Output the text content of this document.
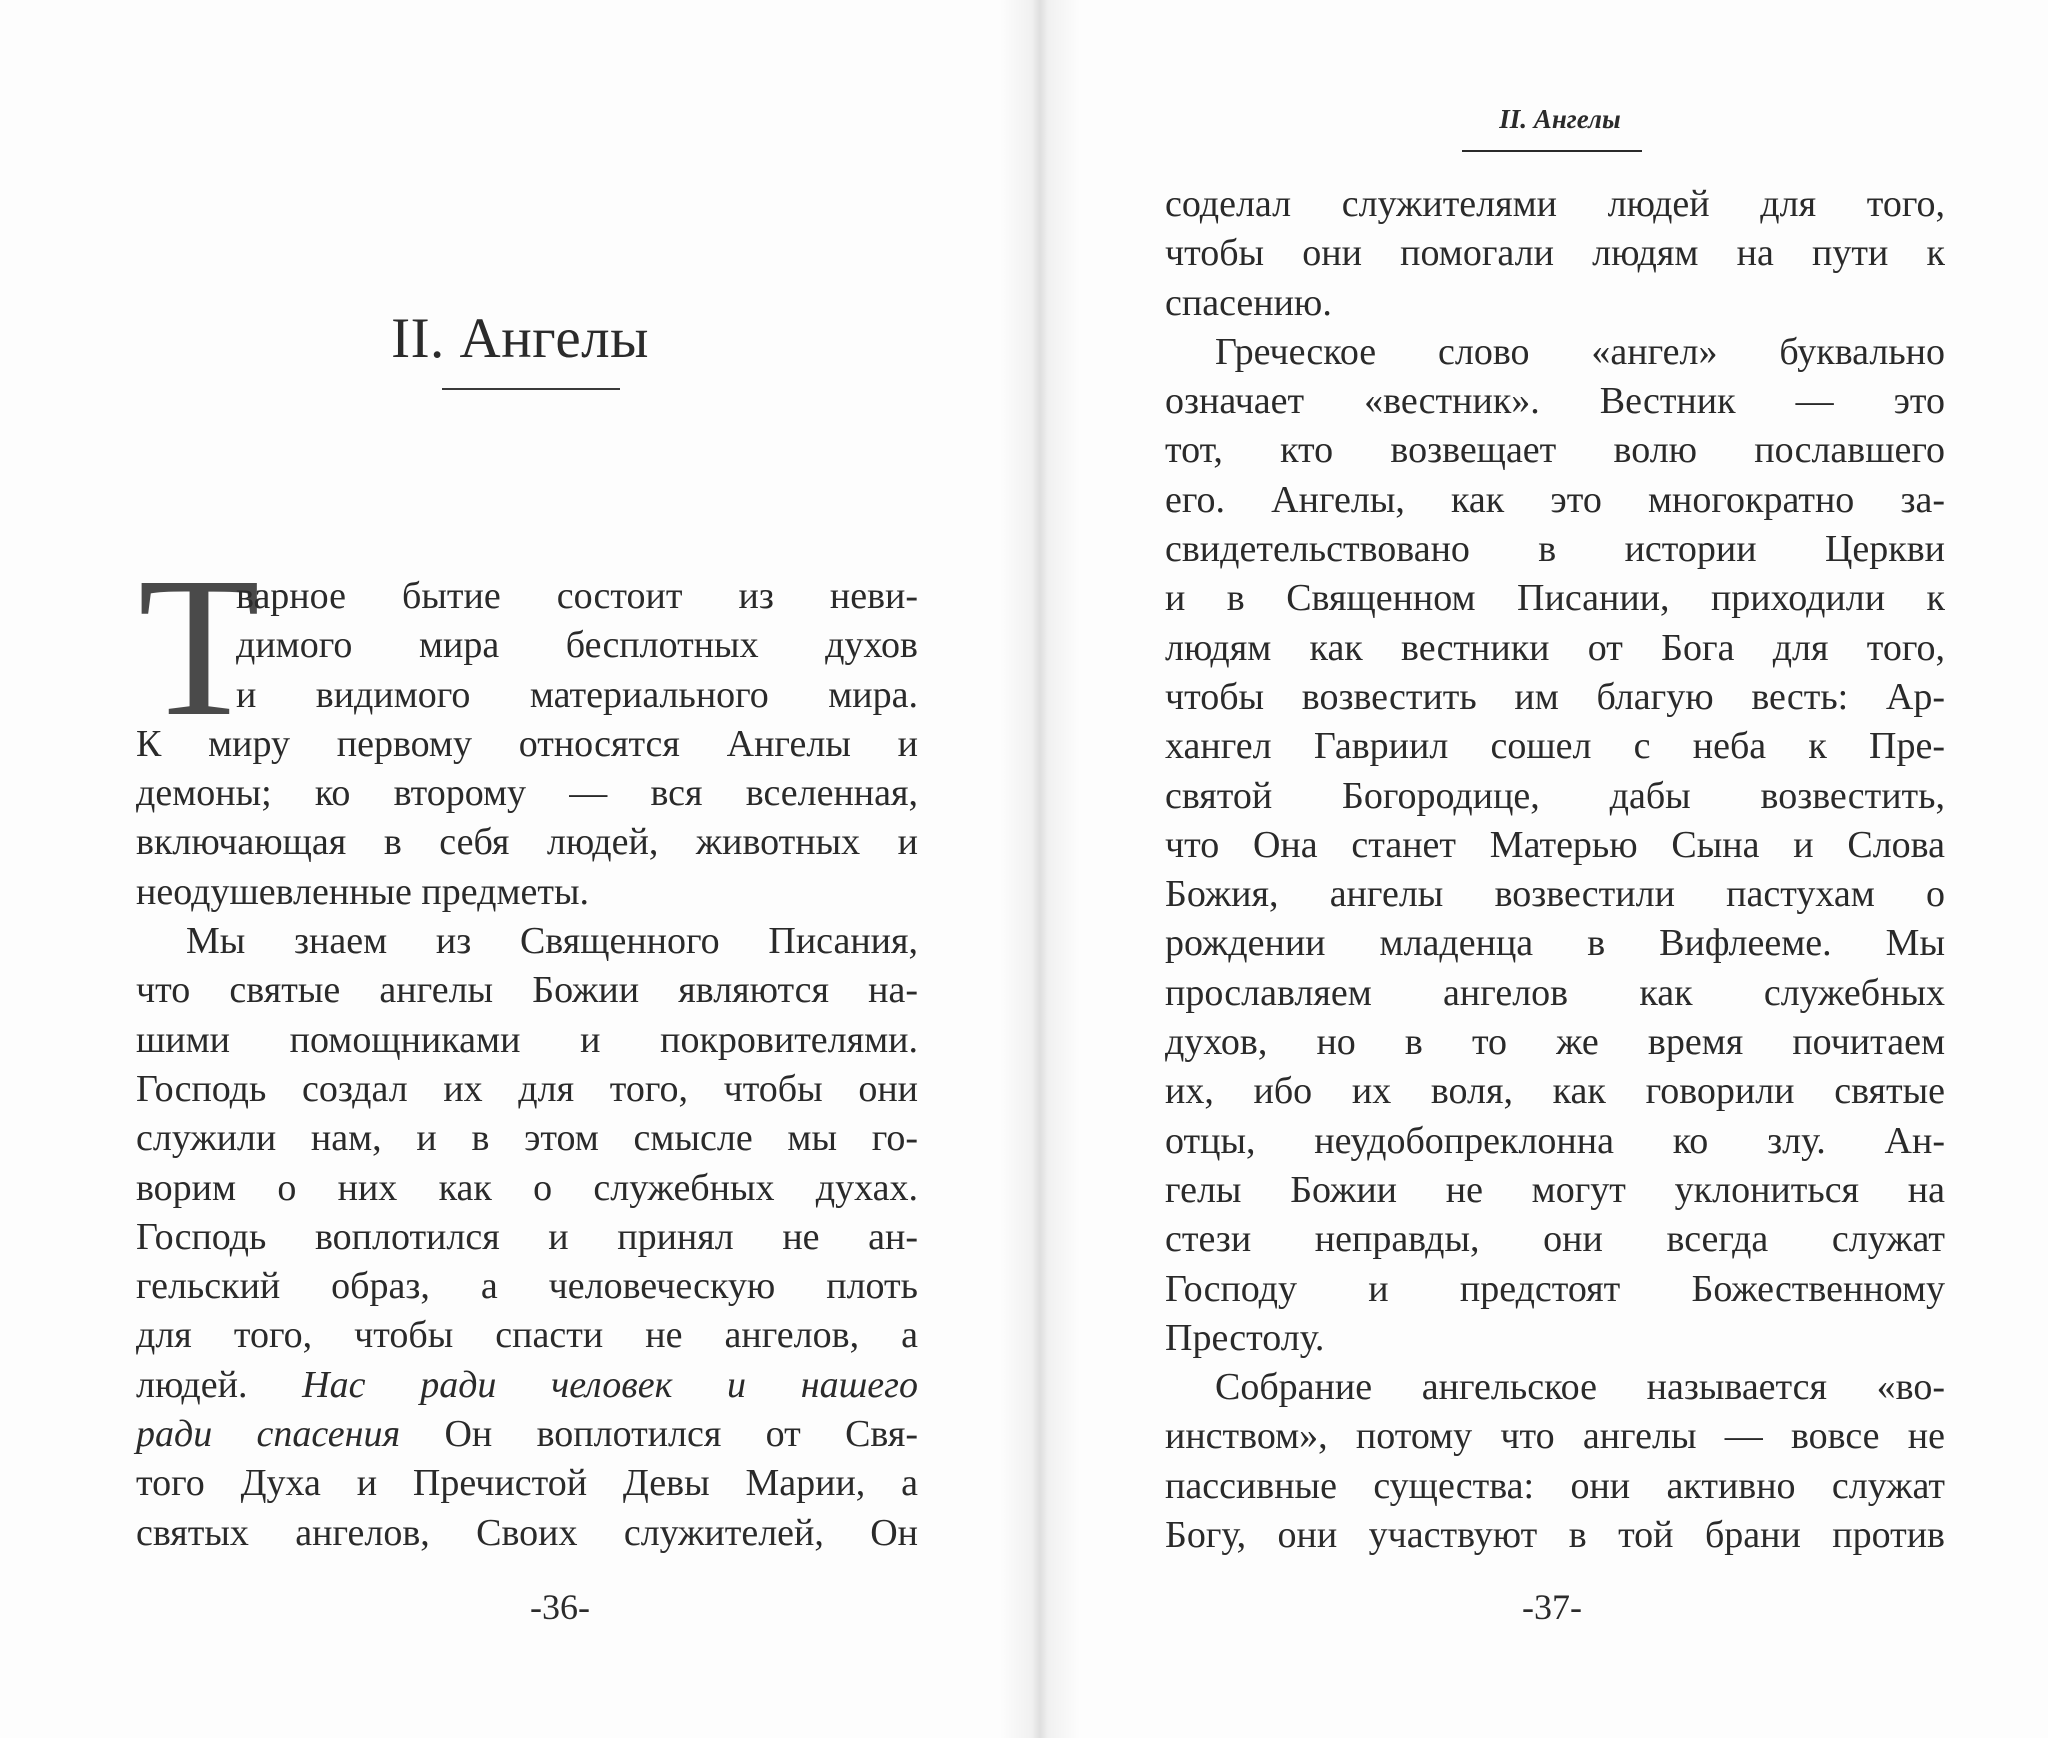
II. Ангелы
Т
варное бытие состоит из неви-
димого мира бесплотных духов
и видимого материального мира.
К миру первому относятся Ангелы и
демоны; ко второму — вся вселенная,
включающая в себя людей, животных и
неодушевленные предметы.
Мы знаем из Священного Писания,
что святые ангелы Божии являются на-
шими помощниками и покровителями.
Господь создал их для того, чтобы они
служили нам, и в этом смысле мы го-
ворим о них как о служебных духах.
Господь воплотился и принял не ан-
гельский образ, а человеческую плоть
для того, чтобы спасти не ангелов, а
людей. Нас ради человек и нашего
ради спасения Он воплотился от Свя-
того Духа и Пречистой Девы Марии, а
святых ангелов, Своих служителей, Он
-36-
II. Ангелы
соделал служителями людей для того,
чтобы они помогали людям на пути к
спасению.
Греческое слово «ангел» буквально
означает «вестник». Вестник — это
тот, кто возвещает волю пославшего
его. Ангелы, как это многократно за-
свидетельствовано в истории Церкви
и в Священном Писании, приходили к
людям как вестники от Бога для того,
чтобы возвестить им благую весть: Ар-
хангел Гавриил сошел с неба к Пре-
святой Богородице, дабы возвестить,
что Она станет Матерью Сына и Слова
Божия, ангелы возвестили пастухам о
рождении младенца в Вифлееме. Мы
прославляем ангелов как служебных
духов, но в то же время почитаем
их, ибо их воля, как говорили святые
отцы, неудобопреклонна ко злу. Ан-
гелы Божии не могут уклониться на
стези неправды, они всегда служат
Господу и предстоят Божественному
Престолу.
Собрание ангельское называется «во-
инством», потому что ангелы — вовсе не
пассивные существа: они активно служат
Богу, они участвуют в той брани против
-37-
